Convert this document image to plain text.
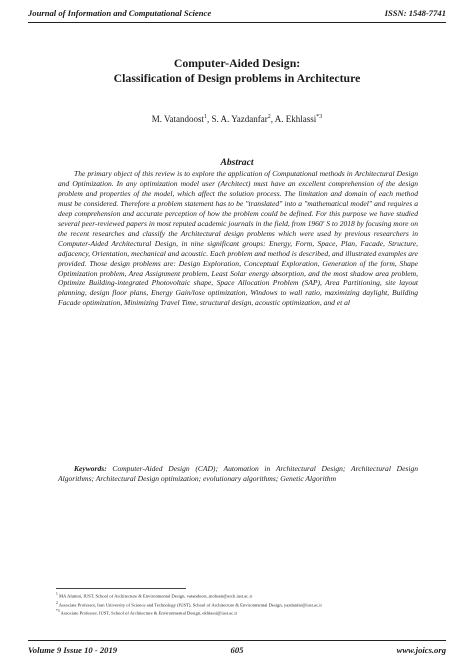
Journal of Information and Computational Science	ISSN: 1548-7741
Computer-Aided Design:
Classification of Design problems in Architecture
M. Vatandoost$^1$, S. A. Yazdanfar$^2$, A. Ekhlassi$^{*3}$
Abstract
The primary object of this review is to explore the application of Computational methods in Architectural Design and Optimization. In any optimization model user (Architect) must have an excellent comprehension of the design problem and properties of the model, which affect the solution process. The limitation and domain of each method must be considered. Therefore a problem statement has to be "translated" into a "mathematical model" and requires a deep comprehension and accurate perception of how the problem could be defined. For this purpose we have studied several peer-reviewed papers in most reputed academic journals in the field, from 1960' S to 2018 by focusing more on the recent researches and classify the Architectural design problems which were used by previous researchers in Computer-Aided Architectural Design, in nine significant groups: Energy, Form, Space, Plan, Facade, Structure, adjacency, Orientation, mechanical and acoustic. Each problem and method is described, and illustrated examples are provided. Those design problems are: Design Exploration, Conceptual Exploration, Generation of the form, Shape Optimization problem, Area Assignment problem, Least Solar energy absorption, and the most shadow area problem, Optimize Building-integrated Photovoltaic shape, Space Allocation Problem (SAP), Area Partitioning, site layout planning, design floor plans, Energy Gain/lose optimization, Windows to wall ratio, maximizing daylight, Building Facade optimization, Minimizing Travel Time, structural design, acoustic optimization, and et al
Keywords: Computer-Aided Design (CAD); Automation in Architectural Design; Architectural Design Algorithms; Architectural Design optimization; evolutionary algorithms; Genetic Algorithm
$^1$ MA Alumni, IUST, School of Architecture & Environmental Design, vatandoost_mohsen@arch.iust.ac.ir
$^2$ Associate Professor, Iran University of Science and Technology (IUST), School of Architecture & Environmental Design, yazdanfar@iust.ac.ir
$^{*3}$ Associate Professor, IUST, School of Architecture & Environmental Design, ekhlassi@iust.ac.ir
Volume 9 Issue 10 - 2019	605	www.joics.org
